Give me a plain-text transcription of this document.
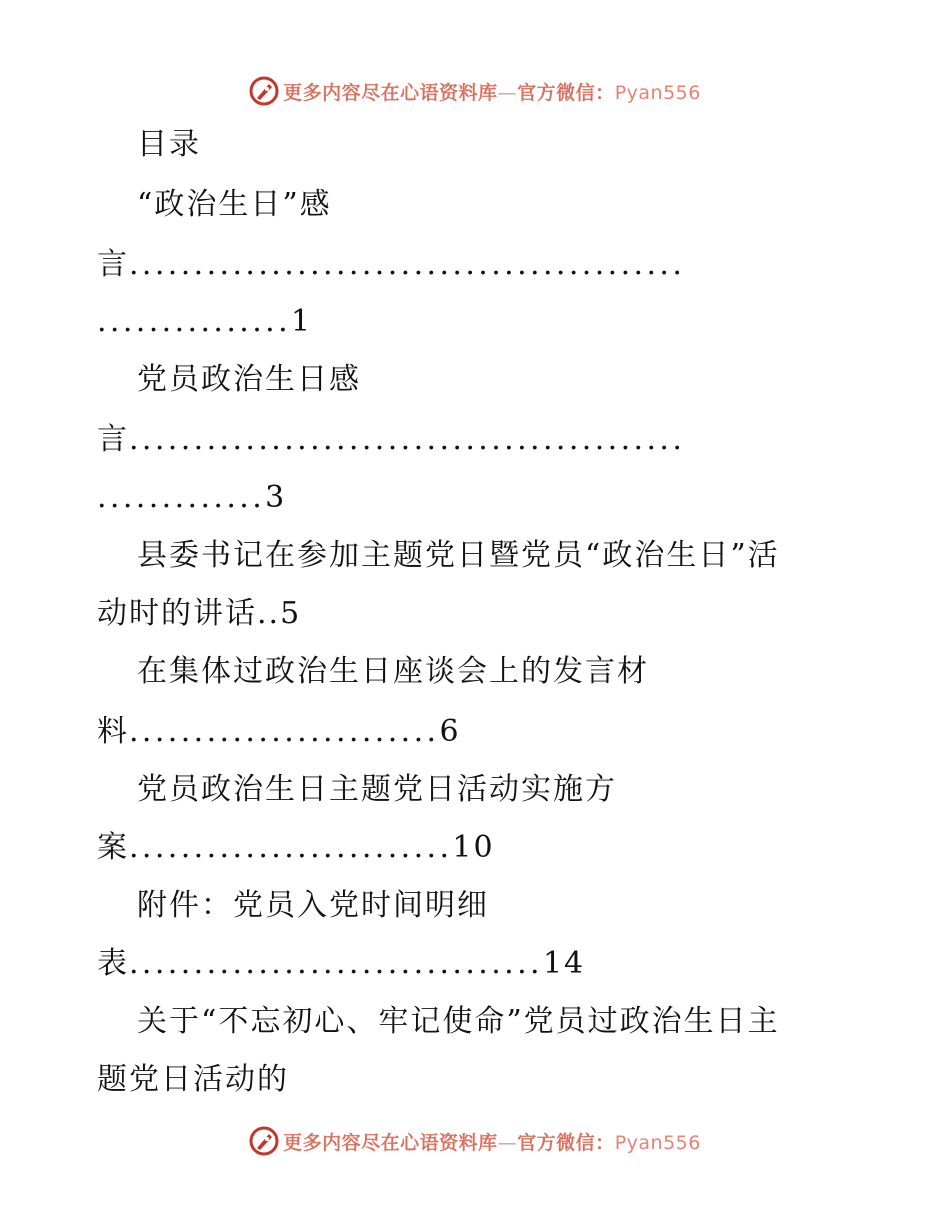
更多内容尽在心语资料库—官方微信：Pyan556
目录
“政治生日”感
言...........................................
...............1
党员政治生日感
言...........................................
.............3
县委书记在参加主题党日暨党员“政治生日”活
动时的讲话..5
在集体过政治生日座谈会上的发言材
料........................6
党员政治生日主题党日活动实施方
案.........................10
附件：党员入党时间明细
表................................14
关于“不忘初心、牢记使命”党员过政治生日主
题党日活动的
更多内容尽在心语资料库—官方微信：Pyan556
